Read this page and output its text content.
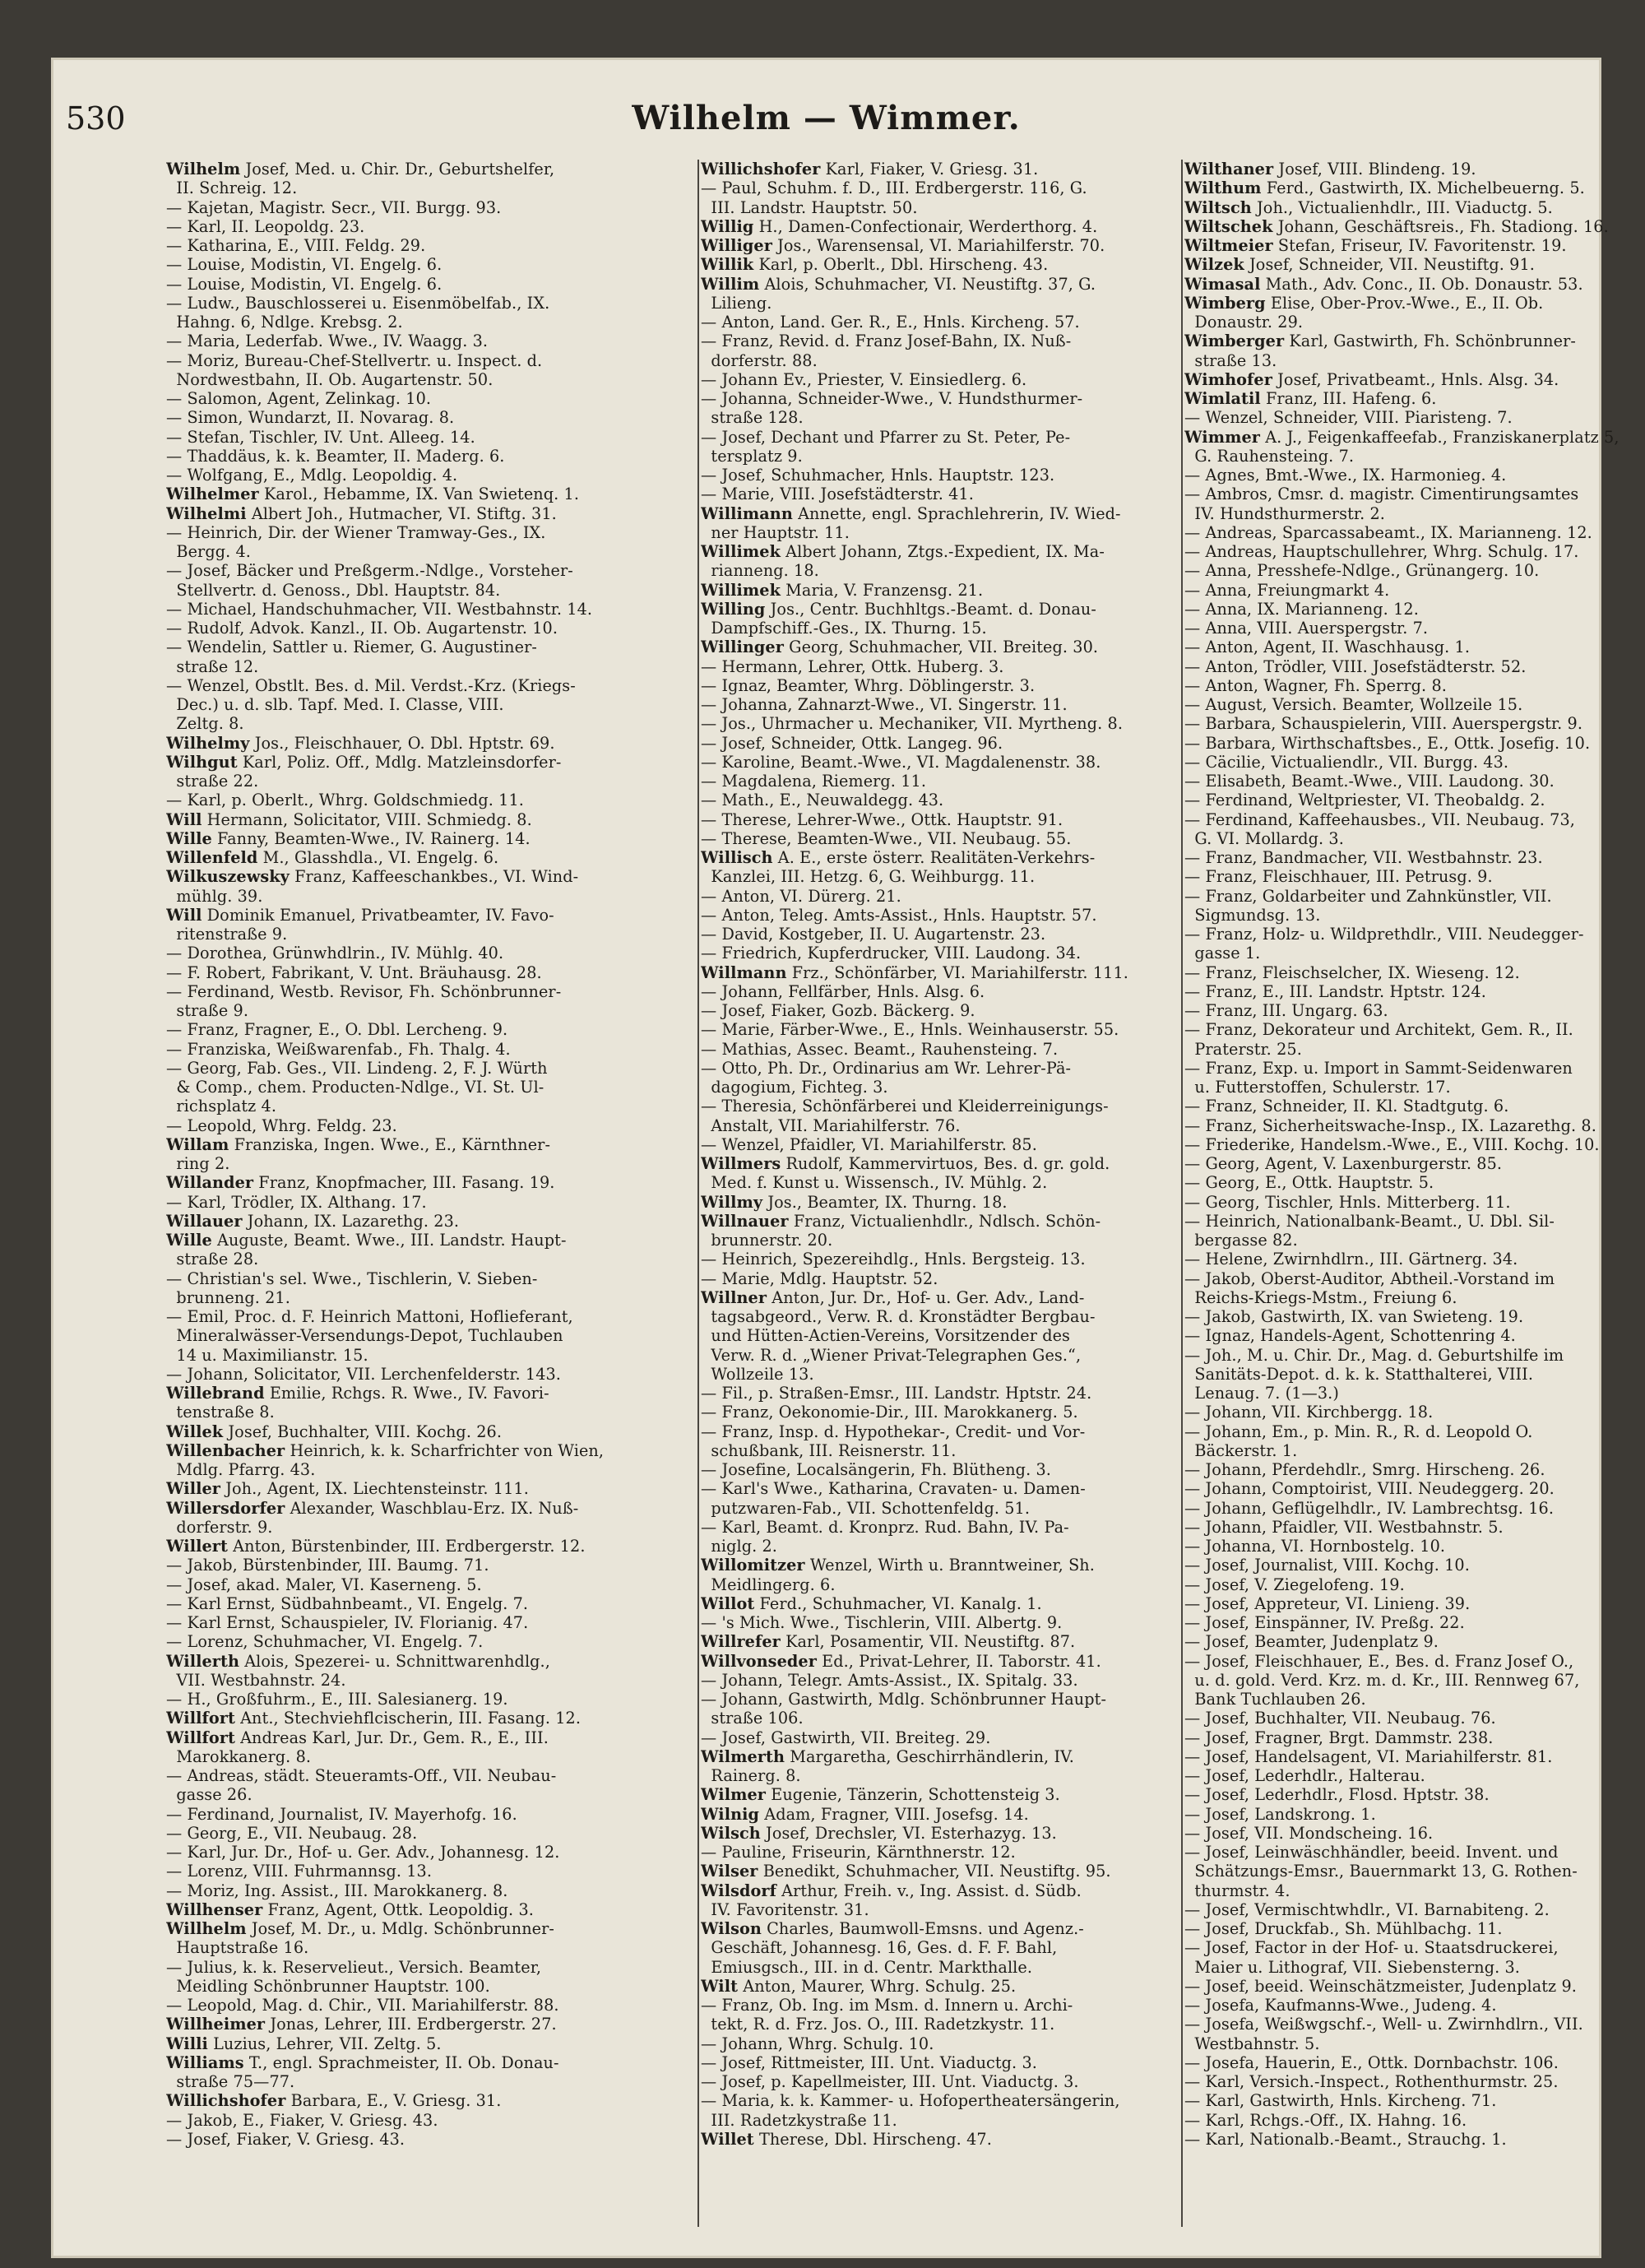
530	Wilhelm — Wimmer.
Wilhelm Josef, Med. u. Chir. Dr., Geburtshelfer,
II. Schreig. 12.
— Kajetan, Magistr. Secr., VII. Burgg. 93.
— Karl, II. Leopoldg. 23.
— Katharina, E., VIII. Feldg. 29.
— Louise, Modistin, VI. Engelg. 6.
— Louise, Modistin, VI. Engelg. 6.
— Ludw., Bauschlosserei u. Eisenmöbelfab., IX.
Hahng. 6, Ndlge. Krebsg. 2.
— Maria, Lederfab. Wwe., IV. Waagg. 3.
— Moriz, Bureau-Chef-Stellvertr. u. Inspect. d.
Nordwestbahn, II. Ob. Augartenstr. 50.
— Salomon, Agent, Zelinkag. 10.
— Simon, Wundarzt, II. Novarag. 8.
— Stefan, Tischler, IV. Unt. Alleeg. 14.
— Thaddäus, k. k. Beamter, II. Maderg. 6.
— Wolfgang, E., Mdlg. Leopoldig. 4.
Wilhelmer Karol., Hebamme, IX. Van Swietenq. 1.
Wilhelmi Albert Joh., Hutmacher, VI. Stiftg. 31.
— Heinrich, Dir. der Wiener Tramway-Ges., IX.
Bergg. 4.
— Josef, Bäcker und Preßgerm.-Ndlge., Vorsteher-
Stellvertr. d. Genoss., Dbl. Hauptstr. 84.
— Michael, Handschuhmacher, VII. Westbahnstr. 14.
— Rudolf, Advok. Kanzl., II. Ob. Augartenstr. 10.
— Wendelin, Sattler u. Riemer, G. Augustiner-
straße 12.
— Wenzel, Obstlt. Bes. d. Mil. Verdst.-Krz. (Kriegs-
Dec.) u. d. slb. Tapf. Med. I. Classe, VIII.
Zeltg. 8.
Wilhelmy Jos., Fleischhauer, O. Dbl. Hptstr. 69.
Wilhgut Karl, Poliz. Off., Mdlg. Matzleinsdorfer-
straße 22.
— Karl, p. Oberlt., Whrg. Goldschmiedg. 11.
Will Hermann, Solicitator, VIII. Schmiedg. 8.
Wille Fanny, Beamten-Wwe., IV. Rainerg. 14.
Willenfeld M., Glasshdla., VI. Engelg. 6.
Wilkuszewsky Franz, Kaffeeschankbes., VI. Wind-
mühlg. 39.
Will Dominik Emanuel, Privatbeamter, IV. Favo-
ritenstraße 9.
— Dorothea, Grünwhdlrin., IV. Mühlg. 40.
— F. Robert, Fabrikant, V. Unt. Bräuhausg. 28.
— Ferdinand, Westb. Revisor, Fh. Schönbrunner-
straße 9.
— Franz, Fragner, E., O. Dbl. Lercheng. 9.
— Franziska, Weißwarenfab., Fh. Thalg. 4.
— Georg, Fab. Ges., VII. Lindeng. 2, F. J. Würth
& Comp., chem. Producten-Ndlge., VI. St. Ul-
richsplatz 4.
— Leopold, Whrg. Feldg. 23.
Willam Franziska, Ingen. Wwe., E., Kärnthner-
ring 2.
Willander Franz, Knopfmacher, III. Fasang. 19.
— Karl, Trödler, IX. Althang. 17.
Willauer Johann, IX. Lazarethg. 23.
Wille Auguste, Beamt. Wwe., III. Landstr. Haupt-
straße 28.
— Christian's sel. Wwe., Tischlerin, V. Sieben-
brunneng. 21.
— Emil, Proc. d. F. Heinrich Mattoni, Hoflieferant,
Mineralwässer-Versendungs-Depot, Tuchlauben
14 u. Maximilianstr. 15.
— Johann, Solicitator, VII. Lerchenfelderstr. 143.
Willebrand Emilie, Rchgs. R. Wwe., IV. Favori-
tenstraße 8.
Willek Josef, Buchhalter, VIII. Kochg. 26.
Willenbacher Heinrich, k. k. Scharfrichter von Wien,
Mdlg. Pfarrg. 43.
Willer Joh., Agent, IX. Liechtensteinstr. 111.
Willersdorfer Alexander, Waschblau-Erz. IX. Nuß-
dorferstr. 9.
Willert Anton, Bürstenbinder, III. Erdbergerstr. 12.
— Jakob, Bürstenbinder, III. Baumg. 71.
— Josef, akad. Maler, VI. Kaserneng. 5.
— Karl Ernst, Südbahnbeamt., VI. Engelg. 7.
— Karl Ernst, Schauspieler, IV. Florianig. 47.
— Lorenz, Schuhmacher, VI. Engelg. 7.
Willerth Alois, Spezerei- u. Schnittwarenhdlg.,
VII. Westbahnstr. 24.
— H., Großfuhrm., E., III. Salesianerg. 19.
Willfort Ant., Stechviehflcischerin, III. Fasang. 12.
Willfort Andreas Karl, Jur. Dr., Gem. R., E., III.
Marokkanerg. 8.
— Andreas, städt. Steueramts-Off., VII. Neubau-
gasse 26.
— Ferdinand, Journalist, IV. Mayerhofg. 16.
— Georg, E., VII. Neubaug. 28.
— Karl, Jur. Dr., Hof- u. Ger. Adv., Johannesg. 12.
— Lorenz, VIII. Fuhrmannsg. 13.
— Moriz, Ing. Assist., III. Marokkanerg. 8.
Willhenser Franz, Agent, Ottk. Leopoldig. 3.
Willhelm Josef, M. Dr., u. Mdlg. Schönbrunner-
Hauptstraße 16.
— Julius, k. k. Reservelieut., Versich. Beamter,
Meidling Schönbrunner Hauptstr. 100.
— Leopold, Mag. d. Chir., VII. Mariahilferstr. 88.
Willheimer Jonas, Lehrer, III. Erdbergerstr. 27.
Willi Luzius, Lehrer, VII. Zeltg. 5.
Williams T., engl. Sprachmeister, II. Ob. Donau-
straße 75—77.
Willichshofer Barbara, E., V. Griesg. 31.
— Jakob, E., Fiaker, V. Griesg. 43.
— Josef, Fiaker, V. Griesg. 43.
Willichshofer Karl, Fiaker, V. Griesg. 31.
— Paul, Schuhm. f. D., III. Erdbergerstr. 116, G.
III. Landstr. Hauptstr. 50.
Willig H., Damen-Confectionair, Werderthorg. 4.
Williger Jos., Warensensal, VI. Mariahilferstr. 70.
Willik Karl, p. Oberlt., Dbl. Hirscheng. 43.
Willim Alois, Schuhmacher, VI. Neustiftg. 37, G.
Lilieng.
— Anton, Land. Ger. R., E., Hnls. Kircheng. 57.
— Franz, Revid. d. Franz Josef-Bahn, IX. Nuß-
dorferstr. 88.
— Johann Ev., Priester, V. Einsiedlerg. 6.
— Johanna, Schneider-Wwe., V. Hundsthurmer-
straße 128.
— Josef, Dechant und Pfarrer zu St. Peter, Pe-
tersplatz 9.
— Josef, Schuhmacher, Hnls. Hauptstr. 123.
— Marie, VIII. Josefstädterstr. 41.
Willimann Annette, engl. Sprachlehrerin, IV. Wied-
ner Hauptstr. 11.
Willimek Albert Johann, Ztgs.-Expedient, IX. Ma-
rianneng. 18.
Willimek Maria, V. Franzensg. 21.
Willing Jos., Centr. Buchhltgs.-Beamt. d. Donau-
Dampfschiff.-Ges., IX. Thurng. 15.
Willinger Georg, Schuhmacher, VII. Breiteg. 30.
— Hermann, Lehrer, Ottk. Huberg. 3.
— Ignaz, Beamter, Whrg. Döblingerstr. 3.
— Johanna, Zahnarzt-Wwe., VI. Singerstr. 11.
— Jos., Uhrmacher u. Mechaniker, VII. Myrtheng. 8.
— Josef, Schneider, Ottk. Langeg. 96.
— Karoline, Beamt.-Wwe., VI. Magdalenenstr. 38.
— Magdalena, Riemerg. 11.
— Math., E., Neuwaldegg. 43.
— Therese, Lehrer-Wwe., Ottk. Hauptstr. 91.
— Therese, Beamten-Wwe., VII. Neubaug. 55.
Willisch A. E., erste österr. Realitäten-Verkehrs-
Kanzlei, III. Hetzg. 6, G. Weihburgg. 11.
— Anton, VI. Dürerg. 21.
— Anton, Teleg. Amts-Assist., Hnls. Hauptstr. 57.
— David, Kostgeber, II. U. Augartenstr. 23.
— Friedrich, Kupferdrucker, VIII. Laudong. 34.
Willmann Frz., Schönfärber, VI. Mariahilferstr. 111.
— Johann, Fellfärber, Hnls. Alsg. 6.
— Josef, Fiaker, Gozb. Bäckerg. 9.
— Marie, Färber-Wwe., E., Hnls. Weinhauserstr. 55.
— Mathias, Assec. Beamt., Rauhensteing. 7.
— Otto, Ph. Dr., Ordinarius am Wr. Lehrer-Pä-
dagogium, Fichteg. 3.
— Theresia, Schönfärberei und Kleiderreinigungs-
Anstalt, VII. Mariahilferstr. 76.
— Wenzel, Pfaidler, VI. Mariahilferstr. 85.
Willmers Rudolf, Kammervirtuos, Bes. d. gr. gold.
Med. f. Kunst u. Wissensch., IV. Mühlg. 2.
Willmy Jos., Beamter, IX. Thurng. 18.
Willnauer Franz, Victualienhdlr., Ndlsch. Schön-
brunnerstr. 20.
— Heinrich, Spezereihdlg., Hnls. Bergsteig. 13.
— Marie, Mdlg. Hauptstr. 52.
Willner Anton, Jur. Dr., Hof- u. Ger. Adv., Land-
tagsabgeord., Verw. R. d. Kronstädter Bergbau-
und Hütten-Actien-Vereins, Vorsitzender des
Verw. R. d. „Wiener Privat-Telegraphen Ges.“,
Wollzeile 13.
— Fil., p. Straßen-Emsr., III. Landstr. Hptstr. 24.
— Franz, Oekonomie-Dir., III. Marokkanerg. 5.
— Franz, Insp. d. Hypothekar-, Credit- und Vor-
schußbank, III. Reisnerstr. 11.
— Josefine, Localsängerin, Fh. Blütheng. 3.
— Karl's Wwe., Katharina, Cravaten- u. Damen-
putzwaren-Fab., VII. Schottenfeldg. 51.
— Karl, Beamt. d. Kronprz. Rud. Bahn, IV. Pa-
niglg. 2.
Willomitzer Wenzel, Wirth u. Branntweiner, Sh.
Meidlingerg. 6.
Willot Ferd., Schuhmacher, VI. Kanalg. 1.
— 's Mich. Wwe., Tischlerin, VIII. Albertg. 9.
Willrefer Karl, Posamentir, VII. Neustiftg. 87.
Willvonseder Ed., Privat-Lehrer, II. Taborstr. 41.
— Johann, Telegr. Amts-Assist., IX. Spitalg. 33.
— Johann, Gastwirth, Mdlg. Schönbrunner Haupt-
straße 106.
— Josef, Gastwirth, VII. Breiteg. 29.
Wilmerth Margaretha, Geschirrhändlerin, IV.
Rainerg. 8.
Wilmer Eugenie, Tänzerin, Schottensteig 3.
Wilnig Adam, Fragner, VIII. Josefsg. 14.
Wilsch Josef, Drechsler, VI. Esterhazyg. 13.
— Pauline, Friseurin, Kärnthnerstr. 12.
Wilser Benedikt, Schuhmacher, VII. Neustiftg. 95.
Wilsdorf Arthur, Freih. v., Ing. Assist. d. Südb.
IV. Favoritenstr. 31.
Wilson Charles, Baumwoll-Emsns. und Agenz.-
Geschäft, Johannesg. 16, Ges. d. F. F. Bahl,
Emiusgsch., III. in d. Centr. Markthalle.
Wilt Anton, Maurer, Whrg. Schulg. 25.
— Franz, Ob. Ing. im Msm. d. Innern u. Archi-
tekt, R. d. Frz. Jos. O., III. Radetzkystr. 11.
— Johann, Whrg. Schulg. 10.
— Josef, Rittmeister, III. Unt. Viaductg. 3.
— Josef, p. Kapellmeister, III. Unt. Viaductg. 3.
— Maria, k. k. Kammer- u. Hofopertheatersängerin,
III. Radetzkystraße 11.
Willet Therese, Dbl. Hirscheng. 47.
Wilthaner Josef, VIII. Blindeng. 19.
Wilthum Ferd., Gastwirth, IX. Michelbeuerng. 5.
Wiltsch Joh., Victualienhdlr., III. Viaductg. 5.
Wiltschek Johann, Geschäftsreis., Fh. Stadiong. 16.
Wiltmeier Stefan, Friseur, IV. Favoritenstr. 19.
Wilzek Josef, Schneider, VII. Neustiftg. 91.
Wimasal Math., Adv. Conc., II. Ob. Donaustr. 53.
Wimberg Elise, Ober-Prov.-Wwe., E., II. Ob.
Donaustr. 29.
Wimberger Karl, Gastwirth, Fh. Schönbrunner-
straße 13.
Wimhofer Josef, Privatbeamt., Hnls. Alsg. 34.
Wimlatil Franz, III. Hafeng. 6.
— Wenzel, Schneider, VIII. Piaristeng. 7.
Wimmer A. J., Feigenkaffeefab., Franziskanerplatz 5,
G. Rauhensteing. 7.
— Agnes, Bmt.-Wwe., IX. Harmonieg. 4.
— Ambros, Cmsr. d. magistr. Cimentirungsamtes
IV. Hundsthurmerstr. 2.
— Andreas, Sparcassabeamt., IX. Marianneng. 12.
— Andreas, Hauptschullehrer, Whrg. Schulg. 17.
— Anna, Presshefe-Ndlge., Grünangerg. 10.
— Anna, Freiungmarkt 4.
— Anna, IX. Marianneng. 12.
— Anna, VIII. Auerspergstr. 7.
— Anton, Agent, II. Waschhausg. 1.
— Anton, Trödler, VIII. Josefstädterstr. 52.
— Anton, Wagner, Fh. Sperrg. 8.
— August, Versich. Beamter, Wollzeile 15.
— Barbara, Schauspielerin, VIII. Auerspergstr. 9.
— Barbara, Wirthschaftsbes., E., Ottk. Josefig. 10.
— Cäcilie, Victualiendlr., VII. Burgg. 43.
— Elisabeth, Beamt.-Wwe., VIII. Laudong. 30.
— Ferdinand, Weltpriester, VI. Theobaldg. 2.
— Ferdinand, Kaffeehausbes., VII. Neubaug. 73,
G. VI. Mollardg. 3.
— Franz, Bandmacher, VII. Westbahnstr. 23.
— Franz, Fleischhauer, III. Petrusg. 9.
— Franz, Goldarbeiter und Zahnkünstler, VII.
Sigmundsg. 13.
— Franz, Holz- u. Wildprethdlr., VIII. Neudegger-
gasse 1.
— Franz, Fleischselcher, IX. Wieseng. 12.
— Franz, E., III. Landstr. Hptstr. 124.
— Franz, III. Ungarg. 63.
— Franz, Dekorateur und Architekt, Gem. R., II.
Praterstr. 25.
— Franz, Exp. u. Import in Sammt-Seidenwaren
u. Futterstoffen, Schulerstr. 17.
— Franz, Schneider, II. Kl. Stadtgutg. 6.
— Franz, Sicherheitswache-Insp., IX. Lazarethg. 8.
— Friederike, Handelsm.-Wwe., E., VIII. Kochg. 10.
— Georg, Agent, V. Laxenburgerstr. 85.
— Georg, E., Ottk. Hauptstr. 5.
— Georg, Tischler, Hnls. Mitterberg. 11.
— Heinrich, Nationalbank-Beamt., U. Dbl. Sil-
bergasse 82.
— Helene, Zwirnhdlrn., III. Gärtnerg. 34.
— Jakob, Oberst-Auditor, Abtheil.-Vorstand im
Reichs-Kriegs-Mstm., Freiung 6.
— Jakob, Gastwirth, IX. van Swieteng. 19.
— Ignaz, Handels-Agent, Schottenring 4.
— Joh., M. u. Chir. Dr., Mag. d. Geburtshilfe im
Sanitäts-Depot. d. k. k. Statthalterei, VIII.
Lenaug. 7. (1—3.)
— Johann, VII. Kirchbergg. 18.
— Johann, Em., p. Min. R., R. d. Leopold O.
Bäckerstr. 1.
— Johann, Pferdehdlr., Smrg. Hirscheng. 26.
— Johann, Comptoirist, VIII. Neudeggerg. 20.
— Johann, Geflügelhdlr., IV. Lambrechtsg. 16.
— Johann, Pfaidler, VII. Westbahnstr. 5.
— Johanna, VI. Hornbostelg. 10.
— Josef, Journalist, VIII. Kochg. 10.
— Josef, V. Ziegelofeng. 19.
— Josef, Appreteur, VI. Linieng. 39.
— Josef, Einspänner, IV. Preßg. 22.
— Josef, Beamter, Judenplatz 9.
— Josef, Fleischhauer, E., Bes. d. Franz Josef O.,
u. d. gold. Verd. Krz. m. d. Kr., III. Rennweg 67,
Bank Tuchlauben 26.
— Josef, Buchhalter, VII. Neubaug. 76.
— Josef, Fragner, Brgt. Dammstr. 238.
— Josef, Handelsagent, VI. Mariahilferstr. 81.
— Josef, Lederhdlr., Halterau.
— Josef, Lederhdlr., Flosd. Hptstr. 38.
— Josef, Landskrong. 1.
— Josef, VII. Mondscheing. 16.
— Josef, Leinwäschhändler, beeid. Invent. und
Schätzungs-Emsr., Bauernmarkt 13, G. Rothen-
thurmstr. 4.
— Josef, Vermischtwhdlr., VI. Barnabiteng. 2.
— Josef, Druckfab., Sh. Mühlbachg. 11.
— Josef, Factor in der Hof- u. Staatsdruckerei,
Maier u. Lithograf, VII. Siebensterng. 3.
— Josef, beeid. Weinschätzmeister, Judenplatz 9.
— Josefa, Kaufmanns-Wwe., Judeng. 4.
— Josefa, Weißwgschf.-, Well- u. Zwirnhdlrn., VII.
Westbahnstr. 5.
— Josefa, Hauerin, E., Ottk. Dornbachstr. 106.
— Karl, Versich.-Inspect., Rothenthurmstr. 25.
— Karl, Gastwirth, Hnls. Kircheng. 71.
— Karl, Rchgs.-Off., IX. Hahng. 16.
— Karl, Nationalb.-Beamt., Strauchg. 1.
